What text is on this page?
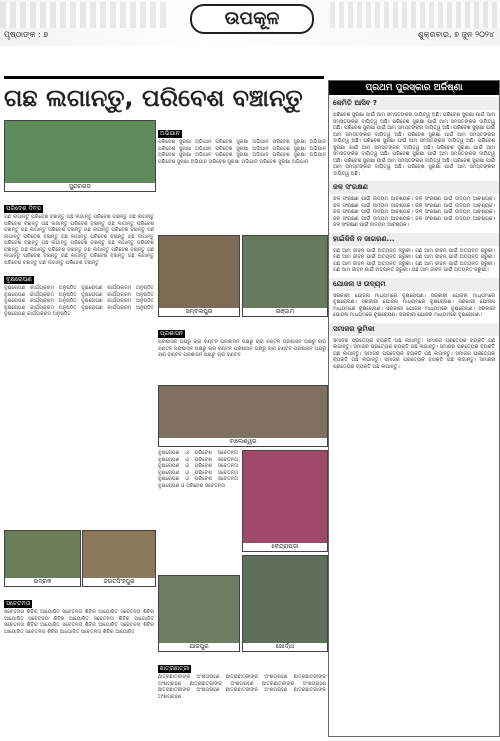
ଉପକୂଳ
ପୃଷ୍ଠାଙ୍କ : ୭	ଶୁକ୍ରବାର, ୭ ଜୁନ ୨୦୨୪
ଗଛ ଲଗାନ୍ତୁ, ପରିବେଶ ବଞ୍ଚାନ୍ତୁ
ସୁନ୍ଦରଗଡ଼
ପରିବେଶ ଦିବସ
ଗଛ ଲଗାନ୍ତୁ ପରିବେଶ ବଞ୍ଚାନ୍ତୁ ଗଛ ଲଗାନ୍ତୁ ପରିବେଶ ବଞ୍ଚାନ୍ତୁ ଗଛ ଲଗାନ୍ତୁ ପରିବେଶ ବଞ୍ଚାନ୍ତୁ ଗଛ ଲଗାନ୍ତୁ ପରିବେଶ ବଞ୍ଚାନ୍ତୁ ଗଛ ଲଗାନ୍ତୁ ପରିବେଶ ବଞ୍ଚାନ୍ତୁ ଗଛ ଲଗାନ୍ତୁ ପରିବେଶ ବଞ୍ଚାନ୍ତୁ ଗଛ ଲଗାନ୍ତୁ ପରିବେଶ ବଞ୍ଚାନ୍ତୁ ଗଛ ଲଗାନ୍ତୁ ପରିବେଶ ବଞ୍ଚାନ୍ତୁ ଗଛ ଲଗାନ୍ତୁ ପରିବେଶ ବଞ୍ଚାନ୍ତୁ ଗଛ ଲଗାନ୍ତୁ ପରିବେଶ ବଞ୍ଚାନ୍ତୁ ଗଛ ଲଗାନ୍ତୁ ପରିବେଶ ବଞ୍ଚାନ୍ତୁ ଗଛ ଲଗାନ୍ତୁ ପରିବେଶ ବଞ୍ଚାନ୍ତୁ ଗଛ ଲଗାନ୍ତୁ ପରିବେଶ ବଞ୍ଚାନ୍ତୁ ଗଛ ଲଗାନ୍ତୁ ପରିବେଶ ବଞ୍ଚାନ୍ତୁ ଗଛ ଲଗାନ୍ତୁ ପରିବେଶ ବଞ୍ଚାନ୍ତୁ ଗଛ ଲଗାନ୍ତୁ ପରିବେଶ ବଞ୍ଚାନ୍ତୁ ଗଛ ଲଗାନ୍ତୁ ପରିବେଶ ବଞ୍ଚାନ୍ତୁ ଗଛ ଲଗାନ୍ତୁ ପରିବେଶ ବଞ୍ଚାନ୍ତୁ
ବୃକ୍ଷରୋପଣ
ବୃକ୍ଷରୋପଣ କାର୍ଯ୍ୟକ୍ରମ ଅନୁଷ୍ଠିତ ବୃକ୍ଷରୋପଣ କାର୍ଯ୍ୟକ୍ରମ ଅନୁଷ୍ଠିତ ବୃକ୍ଷରୋପଣ କାର୍ଯ୍ୟକ୍ରମ ଅନୁଷ୍ଠିତ ବୃକ୍ଷରୋପଣ କାର୍ଯ୍ୟକ୍ରମ ଅନୁଷ୍ଠିତ ବୃକ୍ଷରୋପଣ କାର୍ଯ୍ୟକ୍ରମ ଅନୁଷ୍ଠିତ ବୃକ୍ଷରୋପଣ କାର୍ଯ୍ୟକ୍ରମ ଅନୁଷ୍ଠିତ ବୃକ୍ଷରୋପଣ କାର୍ଯ୍ୟକ୍ରମ ଅନୁଷ୍ଠିତ ବୃକ୍ଷରୋପଣ କାର୍ଯ୍ୟକ୍ରମ ଅନୁଷ୍ଠିତ ବୃକ୍ଷରୋପଣ କାର୍ଯ୍ୟକ୍ରମ ଅନୁଷ୍ଠିତ
ଭଦ୍ରକ	ଜଗତସିଂହପୁର
ସଚେତନତା
ସଚେତନତା ଶିବିର ଆୟୋଜିତ ସଚେତନତା ଶିବିର ଆୟୋଜିତ ସଚେତନତା ଶିବିର ଆୟୋଜିତ ସଚେତନତା ଶିବିର ଆୟୋଜିତ ସଚେତନତା ଶିବିର ଆୟୋଜିତ ସଚେତନତା ଶିବିର ଆୟୋଜିତ ସଚେତନତା ଶିବିର ଆୟୋଜିତ ସଚେତନତା ଶିବିର ଆୟୋଜିତ ସଚେତନତା ଶିବିର ଆୟୋଜିତ ସଚେତନତା ଶିବିର ଆୟୋଜିତ
ଅଭିଯାନ
ପରିବେଶ ସୁରକ୍ଷା ଅଭିଯାନ ପରିବେଶ ସୁରକ୍ଷା ଅଭିଯାନ ପରିବେଶ ସୁରକ୍ଷା ଅଭିଯାନ ପରିବେଶ ସୁରକ୍ଷା ଅଭିଯାନ ପରିବେଶ ସୁରକ୍ଷା ଅଭିଯାନ ପରିବେଶ ସୁରକ୍ଷା ଅଭିଯାନ ପରିବେଶ ସୁରକ୍ଷା ଅଭିଯାନ ପରିବେଶ ସୁରକ୍ଷା ଅଭିଯାନ ପରିବେଶ ସୁରକ୍ଷା ଅଭିଯାନ ପରିବେଶ ସୁରକ୍ଷା ଅଭିଯାନ ପରିବେଶ ସୁରକ୍ଷା ଅଭିଯାନ ପରିବେଶ ସୁରକ୍ଷା ଅଭିଯାନ
ସମ୍ବଲପୁର	ଗଞ୍ଜାମ
ପ୍ରଶାସନ
ପ୍ରଶାସନ ପକ୍ଷରୁ ଚାରା ବଣ୍ଟନ ପ୍ରଶାସନ ପକ୍ଷରୁ ଚାରା ବଣ୍ଟନ ପ୍ରଶାସନ ପକ୍ଷରୁ ଚାରା ବଣ୍ଟନ ପ୍ରଶାସନ ପକ୍ଷରୁ ଚାରା ବଣ୍ଟନ ପ୍ରଶାସନ ପକ୍ଷରୁ ଚାରା ବଣ୍ଟନ ପ୍ରଶାସନ ପକ୍ଷରୁ ଚାରା ବଣ୍ଟନ ପ୍ରଶାସନ ପକ୍ଷରୁ ଚାରା ବଣ୍ଟନ
ବାଲେଶ୍ୱର
ବୃକ୍ଷରୋପଣ ଓ ପରିବେଶ ସଚେତନତା ବୃକ୍ଷରୋପଣ ଓ ପରିବେଶ ସଚେତନତା ବୃକ୍ଷରୋପଣ ଓ ପରିବେଶ ସଚେତନତା ବୃକ୍ଷରୋପଣ ଓ ପରିବେଶ ସଚେତନତା ବୃକ୍ଷରୋପଣ ଓ ପରିବେଶ ସଚେତନତା ବୃକ୍ଷରୋପଣ ଓ ପରିବେଶ ସଚେତନତା
କେନ୍ଦ୍ରାପଡ଼ା
ଯାଜପୁର	ଖୋର୍ଦ୍ଧା
ଛାତ୍ରଛାତ୍ରୀ
ଛାତ୍ରଛାତ୍ରୀଙ୍କ ଅଂଶଗ୍ରହଣ ଛାତ୍ରଛାତ୍ରୀଙ୍କ ଅଂଶଗ୍ରହଣ ଛାତ୍ରଛାତ୍ରୀଙ୍କ ଅଂଶଗ୍ରହଣ ଛାତ୍ରଛାତ୍ରୀଙ୍କ ଅଂଶଗ୍ରହଣ ଛାତ୍ରଛାତ୍ରୀଙ୍କ ଅଂଶଗ୍ରହଣ ଛାତ୍ରଛାତ୍ରୀଙ୍କ ଅଂଶଗ୍ରହଣ ଛାତ୍ରଛାତ୍ରୀଙ୍କ ଅଂଶଗ୍ରହଣ ଛାତ୍ରଛାତ୍ରୀଙ୍କ ଅଂଶଗ୍ରହଣ
ପ୍ରଥମ ପୁରସ୍କାର ଅର୍ଜିଷ୍ଣା
କେମିତି ଆସିବ ?
ପରିବେଶ ସୁରକ୍ଷା ପାଇଁ ଆମ ସମସ୍ତଙ୍କର ଦାୟିତ୍ୱ ଅଛି। ପରିବେଶ ସୁରକ୍ଷା ପାଇଁ ଆମ ସମସ୍ତଙ୍କର ଦାୟିତ୍ୱ ଅଛି। ପରିବେଶ ସୁରକ୍ଷା ପାଇଁ ଆମ ସମସ୍ତଙ୍କର ଦାୟିତ୍ୱ ଅଛି। ପରିବେଶ ସୁରକ୍ଷା ପାଇଁ ଆମ ସମସ୍ତଙ୍କର ଦାୟିତ୍ୱ ଅଛି। ପରିବେଶ ସୁରକ୍ଷା ପାଇଁ ଆମ ସମସ୍ତଙ୍କର ଦାୟିତ୍ୱ ଅଛି। ପରିବେଶ ସୁରକ୍ଷା ପାଇଁ ଆମ ସମସ୍ତଙ୍କର ଦାୟିତ୍ୱ ଅଛି। ପରିବେଶ ସୁରକ୍ଷା ପାଇଁ ଆମ ସମସ୍ତଙ୍କର ଦାୟିତ୍ୱ ଅଛି। ପରିବେଶ ସୁରକ୍ଷା ପାଇଁ ଆମ ସମସ୍ତଙ୍କର ଦାୟିତ୍ୱ ଅଛି। ପରିବେଶ ସୁରକ୍ଷା ପାଇଁ ଆମ ସମସ୍ତଙ୍କର ଦାୟିତ୍ୱ ଅଛି। ପରିବେଶ ସୁରକ୍ଷା ପାଇଁ ଆମ ସମସ୍ତଙ୍କର ଦାୟିତ୍ୱ ଅଛି। ପରିବେଶ ସୁରକ୍ଷା ପାଇଁ ଆମ ସମସ୍ତଙ୍କର ଦାୟିତ୍ୱ ଅଛି। ପରିବେଶ ସୁରକ୍ଷା ପାଇଁ ଆମ ସମସ୍ତଙ୍କର ଦାୟିତ୍ୱ ଅଛି। ପରିବେଶ ସୁରକ୍ଷା ପାଇଁ ଆମ ସମସ୍ତଙ୍କର ଦାୟିତ୍ୱ ଅଛି।
ଜଳ ସଂରକ୍ଷଣ
ଜଳ ସଂରକ୍ଷଣ ପାଇଁ ଉଦ୍ୟମ ଆବଶ୍ୟକ। ଜଳ ସଂରକ୍ଷଣ ପାଇଁ ଉଦ୍ୟମ ଆବଶ୍ୟକ। ଜଳ ସଂରକ୍ଷଣ ପାଇଁ ଉଦ୍ୟମ ଆବଶ୍ୟକ। ଜଳ ସଂରକ୍ଷଣ ପାଇଁ ଉଦ୍ୟମ ଆବଶ୍ୟକ। ଜଳ ସଂରକ୍ଷଣ ପାଇଁ ଉଦ୍ୟମ ଆବଶ୍ୟକ। ଜଳ ସଂରକ୍ଷଣ ପାଇଁ ଉଦ୍ୟମ ଆବଶ୍ୟକ। ଜଳ ସଂରକ୍ଷଣ ପାଇଁ ଉଦ୍ୟମ ଆବଶ୍ୟକ। ଜଳ ସଂରକ୍ଷଣ ପାଇଁ ଉଦ୍ୟମ ଆବଶ୍ୟକ। ଜଳ ସଂରକ୍ଷଣ ପାଇଁ ଉଦ୍ୟମ ଆବଶ୍ୟକ।
ହାଇଁକିଜି ନ ଜାଗରଣ...
ଗଛ ଆମ ଜୀବନ ପାଇଁ ଅତ୍ୟନ୍ତ ଜରୁରୀ। ଗଛ ଆମ ଜୀବନ ପାଇଁ ଅତ୍ୟନ୍ତ ଜରୁରୀ। ଗଛ ଆମ ଜୀବନ ପାଇଁ ଅତ୍ୟନ୍ତ ଜରୁରୀ। ଗଛ ଆମ ଜୀବନ ପାଇଁ ଅତ୍ୟନ୍ତ ଜରୁରୀ। ଗଛ ଆମ ଜୀବନ ପାଇଁ ଅତ୍ୟନ୍ତ ଜରୁରୀ। ଗଛ ଆମ ଜୀବନ ପାଇଁ ଅତ୍ୟନ୍ତ ଜରୁରୀ। ଗଛ ଆମ ଜୀବନ ପାଇଁ ଅତ୍ୟନ୍ତ ଜରୁରୀ। ଗଛ ଆମ ଜୀବନ ପାଇଁ ଅତ୍ୟନ୍ତ ଜରୁରୀ।
ଯୋଜନା ଓ ଉଦ୍ୟମ
ସରକାରୀ ଯୋଜନା ମାଧ୍ୟମରେ ବୃକ୍ଷରୋପଣ। ସରକାରୀ ଯୋଜନା ମାଧ୍ୟମରେ ବୃକ୍ଷରୋପଣ। ସରକାରୀ ଯୋଜନା ମାଧ୍ୟମରେ ବୃକ୍ଷରୋପଣ। ସରକାରୀ ଯୋଜନା ମାଧ୍ୟମରେ ବୃକ୍ଷରୋପଣ। ସରକାରୀ ଯୋଜନା ମାଧ୍ୟମରେ ବୃକ୍ଷରୋପଣ। ସରକାରୀ ଯୋଜନା ମାଧ୍ୟମରେ ବୃକ୍ଷରୋପଣ। ସରକାରୀ ଯୋଜନା ମାଧ୍ୟମରେ ବୃକ୍ଷରୋପଣ।
ସମାଜର ଭୂମିକା
ସମାଜର ପ୍ରତ୍ୟେକ ବ୍ୟକ୍ତି ଗଛ ଲଗାନ୍ତୁ। ସମାଜର ପ୍ରତ୍ୟେକ ବ୍ୟକ୍ତି ଗଛ ଲଗାନ୍ତୁ। ସମାଜର ପ୍ରତ୍ୟେକ ବ୍ୟକ୍ତି ଗଛ ଲଗାନ୍ତୁ। ସମାଜର ପ୍ରତ୍ୟେକ ବ୍ୟକ୍ତି ଗଛ ଲଗାନ୍ତୁ। ସମାଜର ପ୍ରତ୍ୟେକ ବ୍ୟକ୍ତି ଗଛ ଲଗାନ୍ତୁ। ସମାଜର ପ୍ରତ୍ୟେକ ବ୍ୟକ୍ତି ଗଛ ଲଗାନ୍ତୁ। ସମାଜର ପ୍ରତ୍ୟେକ ବ୍ୟକ୍ତି ଗଛ ଲଗାନ୍ତୁ। ସମାଜର ପ୍ରତ୍ୟେକ ବ୍ୟକ୍ତି ଗଛ ଲଗାନ୍ତୁ।
